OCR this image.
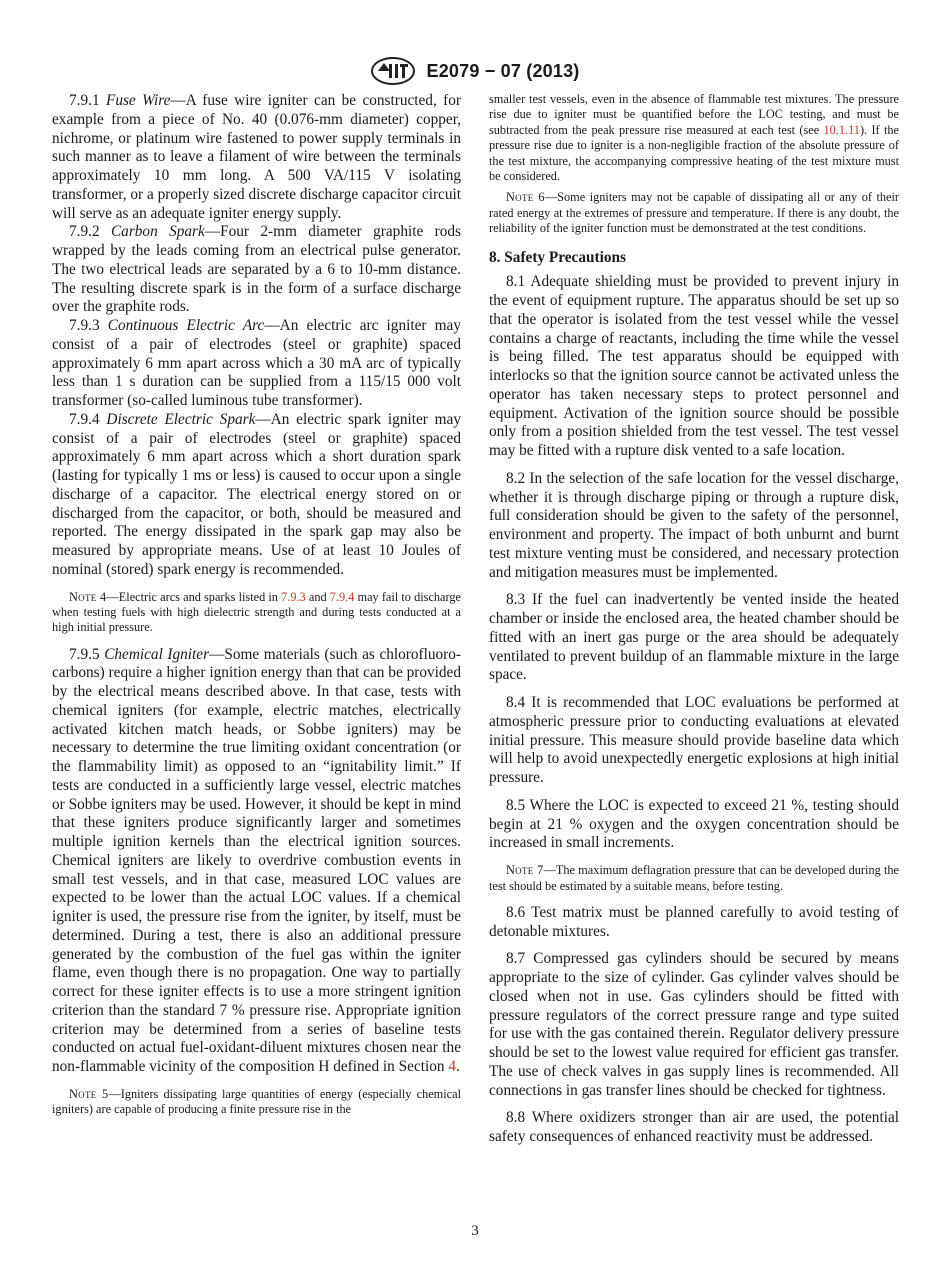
E2079 − 07 (2013)

7.9.1 Fuse Wire—A fuse wire igniter can be constructed, for example from a piece of No. 40 (0.076-mm diameter) copper, nichrome, or platinum wire fastened to power supply terminals in such manner as to leave a filament of wire between the terminals approximately 10 mm long. A 500 VA/115 V isolating transformer, or a properly sized discrete discharge capacitor circuit will serve as an adequate igniter energy supply.

7.9.2 Carbon Spark—Four 2-mm diameter graphite rods wrapped by the leads coming from an electrical pulse generator. The two electrical leads are separated by a 6 to 10-mm distance. The resulting discrete spark is in the form of a surface discharge over the graphite rods.

7.9.3 Continuous Electric Arc—An electric arc igniter may consist of a pair of electrodes (steel or graphite) spaced approximately 6 mm apart across which a 30 mA arc of typically less than 1 s duration can be supplied from a 115/15 000 volt transformer (so-called luminous tube transformer).

7.9.4 Discrete Electric Spark—An electric spark igniter may consist of a pair of electrodes (steel or graphite) spaced approximately 6 mm apart across which a short duration spark (lasting for typically 1 ms or less) is caused to occur upon a single discharge of a capacitor. The electrical energy stored on or discharged from the capacitor, or both, should be measured and reported. The energy dissipated in the spark gap may also be measured by appropriate means. Use of at least 10 Joules of nominal (stored) spark energy is recommended.

Note 4—Electric arcs and sparks listed in 7.9.3 and 7.9.4 may fail to discharge when testing fuels with high dielectric strength and during tests conducted at a high initial pressure.

7.9.5 Chemical Igniter—Some materials (such as chlorofluoro-carbons) require a higher ignition energy than that can be provided by the electrical means described above. In that case, tests with chemical igniters (for example, electric matches, electrically activated kitchen match heads, or Sobbe igniters) may be necessary to determine the true limiting oxidant concentration (or the flammability limit) as opposed to an “ignitability limit.” If tests are conducted in a sufficiently large vessel, electric matches or Sobbe igniters may be used. However, it should be kept in mind that these igniters produce significantly larger and sometimes multiple ignition kernels than the electrical ignition sources. Chemical igniters are likely to overdrive combustion events in small test vessels, and in that case, measured LOC values are expected to be lower than the actual LOC values. If a chemical igniter is used, the pressure rise from the igniter, by itself, must be determined. During a test, there is also an additional pressure generated by the combustion of the fuel gas within the igniter flame, even though there is no propagation. One way to partially correct for these igniter effects is to use a more stringent ignition criterion than the standard 7 % pressure rise. Appropriate ignition criterion may be determined from a series of baseline tests conducted on actual fuel-oxidant-diluent mixtures chosen near the non-flammable vicinity of the composition H defined in Section 4.

Note 5—Igniters dissipating large quantities of energy (especially chemical igniters) are capable of producing a finite pressure rise in the

smaller test vessels, even in the absence of flammable test mixtures. The pressure rise due to igniter must be quantified before the LOC testing, and must be subtracted from the peak pressure rise measured at each test (see 10.1.11). If the pressure rise due to igniter is a non-negligible fraction of the absolute pressure of the test mixture, the accompanying compressive heating of the test mixture must be considered.

Note 6—Some igniters may not be capable of dissipating all or any of their rated energy at the extremes of pressure and temperature. If there is any doubt, the reliability of the igniter function must be demonstrated at the test conditions.

8. Safety Precautions

8.1 Adequate shielding must be provided to prevent injury in the event of equipment rupture. The apparatus should be set up so that the operator is isolated from the test vessel while the vessel contains a charge of reactants, including the time while the vessel is being filled. The test apparatus should be equipped with interlocks so that the ignition source cannot be activated unless the operator has taken necessary steps to protect personnel and equipment. Activation of the ignition source should be possible only from a position shielded from the test vessel. The test vessel may be fitted with a rupture disk vented to a safe location.

8.2 In the selection of the safe location for the vessel discharge, whether it is through discharge piping or through a rupture disk, full consideration should be given to the safety of the personnel, environment and property. The impact of both unburnt and burnt test mixture venting must be considered, and necessary protection and mitigation measures must be implemented.

8.3 If the fuel can inadvertently be vented inside the heated chamber or inside the enclosed area, the heated chamber should be fitted with an inert gas purge or the area should be adequately ventilated to prevent buildup of an flammable mixture in the large space.

8.4 It is recommended that LOC evaluations be performed at atmospheric pressure prior to conducting evaluations at elevated initial pressure. This measure should provide baseline data which will help to avoid unexpectedly energetic explosions at high initial pressure.

8.5 Where the LOC is expected to exceed 21 %, testing should begin at 21 % oxygen and the oxygen concentration should be increased in small increments.

Note 7—The maximum deflagration pressure that can be developed during the test should be estimated by a suitable means, before testing.

8.6 Test matrix must be planned carefully to avoid testing of detonable mixtures.

8.7 Compressed gas cylinders should be secured by means appropriate to the size of cylinder. Gas cylinder valves should be closed when not in use. Gas cylinders should be fitted with pressure regulators of the correct pressure range and type suited for use with the gas contained therein. Regulator delivery pressure should be set to the lowest value required for efficient gas transfer. The use of check valves in gas supply lines is recommended. All connections in gas transfer lines should be checked for tightness.

8.8 Where oxidizers stronger than air are used, the potential safety consequences of enhanced reactivity must be addressed.

3
